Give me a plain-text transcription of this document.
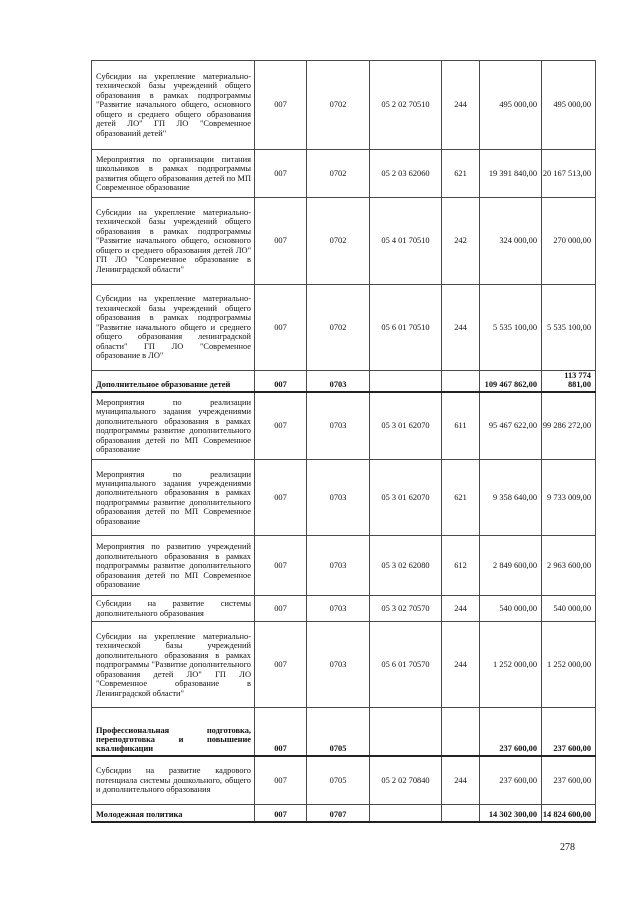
Субсидии на укрепление материально-технической базы учреждений общего образования в рамках подпрограммы "Развитие начального общего, основного общего и среднего общего образования детей ЛО" ГП ЛО "Современное образований детей"	007	0702	05 2 02 70510	244	495 000,00	495 000,00
Мероприятия по организации питания школьников в рамках подпрограммы развития общего образования детей по МП Современное образование	007	0702	05 2 03 62060	621	19 391 840,00	20 167 513,00
Субсидии на укрепление материально-технической базы учреждений общего образования в рамках подпрограммы "Развитие начального общего, основного общего и среднего образования детей ЛО" ГП ЛО "Современное образование в Ленинградской области"	007	0702	05 4 01 70510	242	324 000,00	270 000,00
Субсидии на укрепление материально-технической базы учреждений общего образования в рамках подпрограммы "Развитие начального общего и среднего общего образования ленинградской области" ГП ЛО "Современное образование в ЛО"	007	0702	05 6 01 70510	244	5 535 100,00	5 535 100,00
Дополнительное образование детей	007	0703			109 467 862,00	113 774 881,00
Мероприятия по реализации муниципального задания учреждениями дополнительного образования в рамках подпрограммы развитие дополнительного образования детей по МП Современное образование	007	0703	05 3 01 62070	611	95 467 622,00	99 286 272,00
Мероприятия по реализации муниципального задания учреждениями дополнительного образования в рамках подпрограммы развитие дополнительного образования детей по МП Современное образование	007	0703	05 3 01 62070	621	9 358 640,00	9 733 009,00
Мероприятия по развитию учреждений дополнительного образования в рамках подпрограммы развитие дополнительного образования детей по МП Современное образование	007	0703	05 3 02 62080	612	2 849 600,00	2 963 600,00
Субсидии на развитие системы дополнительного образования	007	0703	05 3 02 70570	244	540 000,00	540 000,00
Субсидии на укрепление материально-технической базы учреждений дополнительного образования в рамках подпрограммы "Развитие дополнительного образования детей ЛО" ГП ЛО "Современное образование в Ленинградской области"	007	0703	05 6 01 70570	244	1 252 000,00	1 252 000,00
Профессиональная подготовка, переподготовка и повышение квалификации	007	0705			237 600,00	237 600,00
Субсидии на развитие кадрового потенциала системы дошкольного, общего и дополнительного образования	007	0705	05 2 02 70840	244	237 600,00	237 600,00
Молодежная политика	007	0707			14 302 300,00	14 824 600,00
278
